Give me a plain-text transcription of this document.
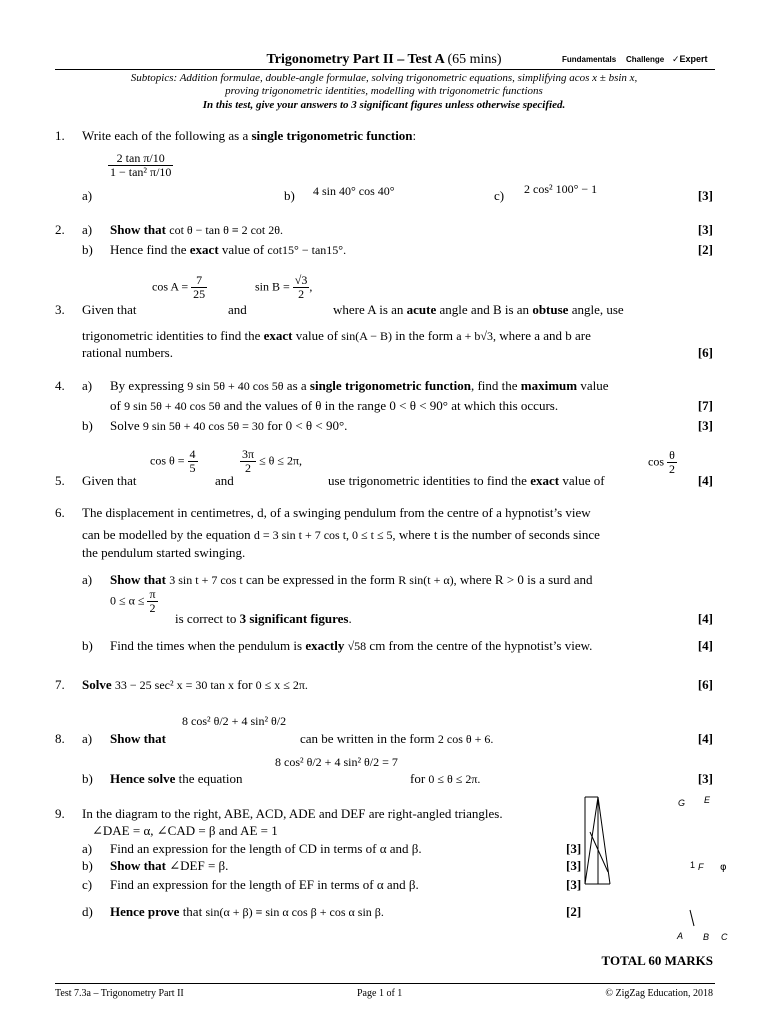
Trigonometry Part II – Test A (65 mins)	Fundamentals Challenge ✓Expert
Subtopics: Addition formulae, double-angle formulae, solving trigonometric equations, simplifying acos x ± bsin x,
proving trigonometric identities, modelling with trigonometric functions
In this test, give your answers to 3 significant figures unless otherwise specified.
1. Write each of the following as a single trigonometric function:
a)
$\frac{\text{2 tan π/10}}{\text{1 − tan² π/10}}$
b) 4 sin 40° cos 40°	c) 2 cos² 100° − 1	[3]
2. a) Show that cot θ − tan θ ≡ 2 cot 2θ.	[3]
b) Hence find the exact value of cot15° − tan15°.	[2]
3. Given that
$\cos A = \frac{7}{25}$
and
$\sin B = \frac{√3}{2}$ ,
where A is an acute angle and B is an obtuse angle, use
trigonometric identities to find the exact value of sin(A − B) in the form a + b√3, where a and b are
rational numbers.	[6]
4. a) By expressing 9 sin 5θ + 40 cos 5θ as a single trigonometric function, find the maximum value
of 9 sin 5θ + 40 cos 5θ and the values of θ in the range 0 < θ < 90° at which this occurs.	[7]
b) Solve 9 sin 5θ + 40 cos 5θ = 30 for 0 < θ < 90°.	[3]
5. Given that
$\cos \theta = \frac{4}{5}$
and
$\frac{3\pi}{2} \le \theta \le 2\pi$,
use trigonometric identities to find the exact value of
$\cos \frac{\theta}{2}$
[4]
6. The displacement in centimetres, d, of a swinging pendulum from the centre of a hypnotist’s view
can be modelled by the equation d = 3 sin t + 7 cos t, 0 ≤ t ≤ 5, where t is the number of seconds since
the pendulum started swinging.
a) Show that 3 sin t + 7 cos t can be expressed in the form R sin(t + α), where R > 0 is a surd and
$0 \le \alpha \le \frac{\pi}{2}$
is correct to 3 significant figures.	[4]
b) Find the times when the pendulum is exactly √58 cm from the centre of the hypnotist’s view.	[4]
7. Solve 33 − 25 sec² x = 30 tan x for 0 ≤ x ≤ 2π.	[6]
8. a) Show that
8 cos² θ/2 + 4 sin² θ/2
can be written in the form 2 cos θ + 6.	[4]
b) Hence solve the equation
8 cos² θ/2 + 4 sin² θ/2 = 7
for 0 ≤ θ ≤ 2π.	[3]
9. In the diagram to the right, ABE, ACD, ADE and DEF are right-angled triangles.
∠DAE = α, ∠CAD = β and AE = 1
a) Find an expression for the length of CD in terms of α and β.	[3]
b) Show that ∠DEF = β.	[3]
c) Find an expression for the length of EF in terms of α and β.	[3]
d) Hence prove that sin(α + β) ≡ sin α cos β + cos α sin β.	[2]
G E
1 F φ
A B C
TOTAL 60 MARKS
Test 7.3a – Trigonometry Part II	Page 1 of 1	© ZigZag Education, 2018
